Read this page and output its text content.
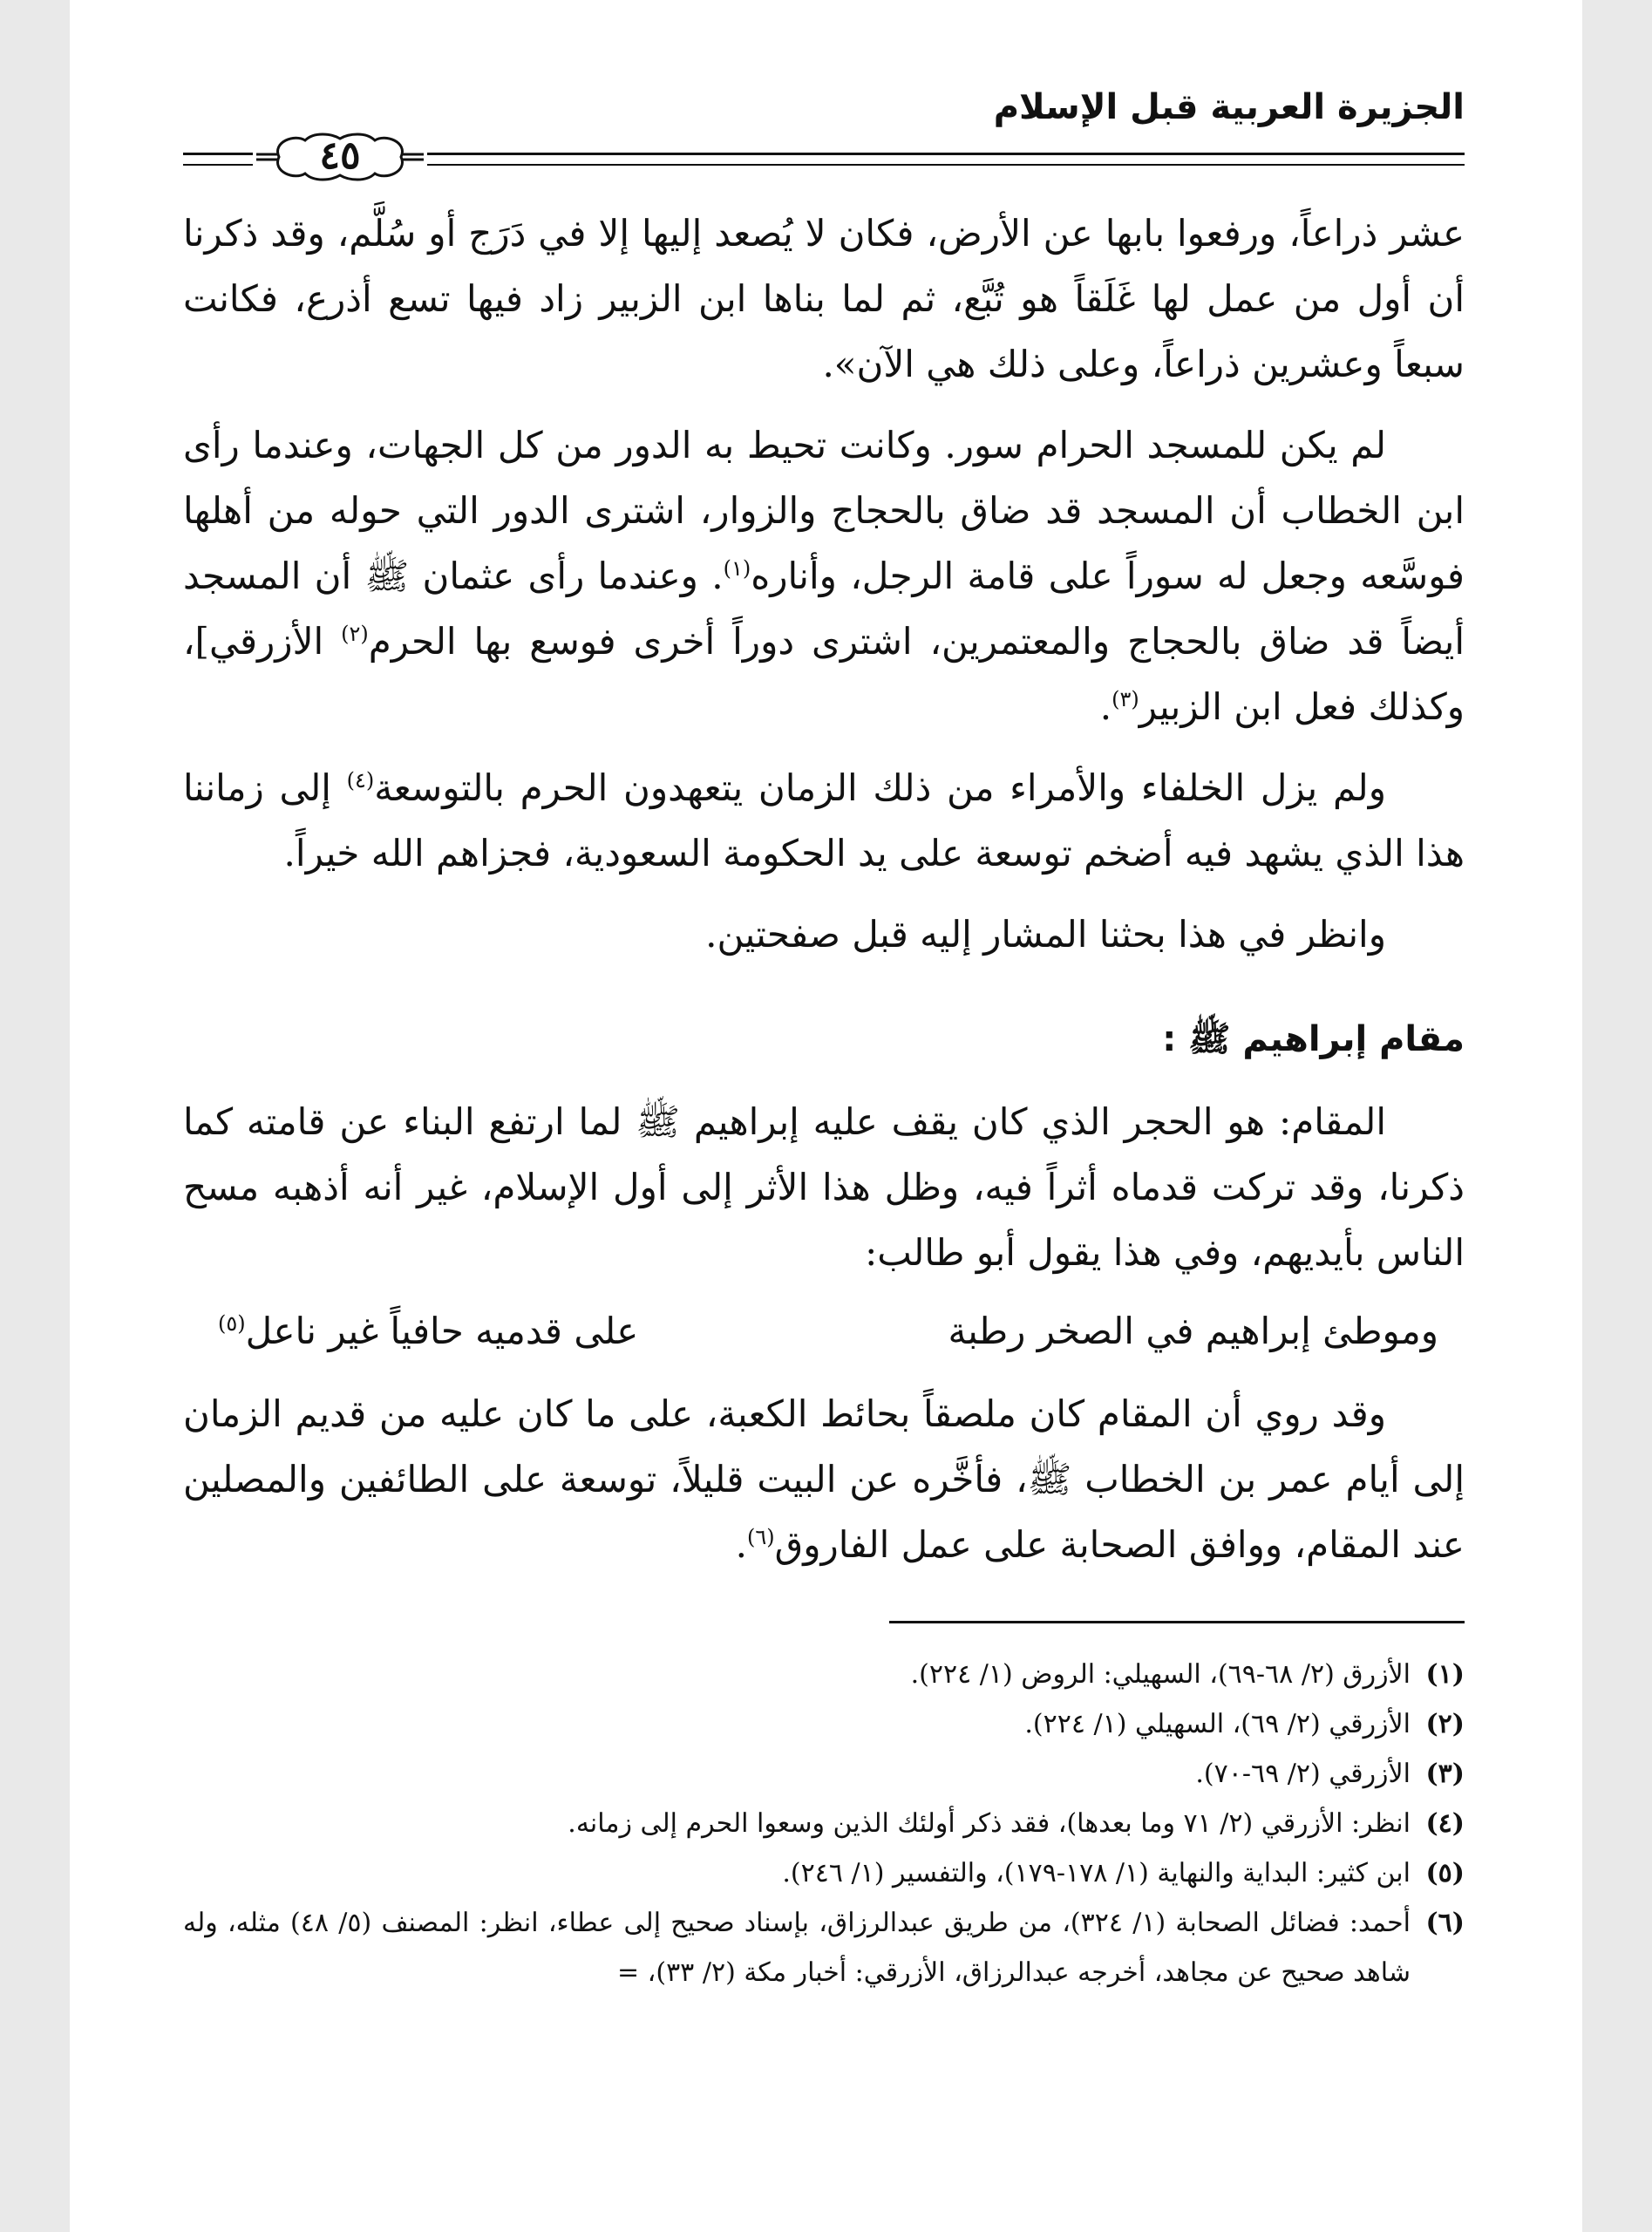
الجزيرة العربية قبل الإسلام
٤٥

عشر ذراعاً، ورفعوا بابها عن الأرض، فكان لا يُصعد إليها إلا في دَرَج أو سُلَّم، وقد ذكرنا أن أول من عمل لها غَلَقاً هو تُبَّع، ثم لما بناها ابن الزبير زاد فيها تسع أذرع، فكانت سبعاً وعشرين ذراعاً، وعلى ذلك هي الآن».

لم يكن للمسجد الحرام سور. وكانت تحيط به الدور من كل الجهات، وعندما رأى ابن الخطاب أن المسجد قد ضاق بالحجاج والزوار، اشترى الدور التي حوله من أهلها فوسَّعه وجعل له سوراً على قامة الرجل، وأناره$^{(١)}$. وعندما رأى عثمان ﷺ أن المسجد أيضاً قد ضاق بالحجاج والمعتمرين، اشترى دوراً أخرى فوسع بها الحرم$^{(٢)}$ الأزرقي]، وكذلك فعل ابن الزبير$^{(٣)}$.

ولم يزل الخلفاء والأمراء من ذلك الزمان يتعهدون الحرم بالتوسعة$^{(٤)}$ إلى زماننا هذا الذي يشهد فيه أضخم توسعة على يد الحكومة السعودية، فجزاهم الله خيراً.

وانظر في هذا بحثنا المشار إليه قبل صفحتين.

مقام إبراهيم ﷺ :

المقام: هو الحجر الذي كان يقف عليه إبراهيم ﷺ لما ارتفع البناء عن قامته كما ذكرنا، وقد تركت قدماه أثراً فيه، وظل هذا الأثر إلى أول الإسلام، غير أنه أذهبه مسح الناس بأيديهم، وفي هذا يقول أبو طالب:

وموطئ إبراهيم في الصخر رطبة
على قدميه حافياً غير ناعل$^{(٥)}$

وقد روي أن المقام كان ملصقاً بحائط الكعبة، على ما كان عليه من قديم الزمان إلى أيام عمر بن الخطاب ﷺ، فأخَّره عن البيت قليلاً، توسعة على الطائفين والمصلين عند المقام، ووافق الصحابة على عمل الفاروق$^{(٦)}$.

(١)
الأزرق (٢/ ٦٨-٦٩)، السهيلي: الروض (١/ ٢٢٤).
(٢)
الأزرقي (٢/ ٦٩)، السهيلي (١/ ٢٢٤).
(٣)
الأزرقي (٢/ ٦٩-٧٠).
(٤)
انظر: الأزرقي (٢/ ٧١ وما بعدها)، فقد ذكر أولئك الذين وسعوا الحرم إلى زمانه.
(٥)
ابن كثير: البداية والنهاية (١/ ١٧٨-١٧٩)، والتفسير (١/ ٢٤٦).
(٦)
أحمد: فضائل الصحابة (١/ ٣٢٤)، من طريق عبدالرزاق، بإسناد صحيح إلى عطاء، انظر: المصنف (٥/ ٤٨) مثله، وله شاهد صحيح عن مجاهد، أخرجه عبدالرزاق، الأزرقي: أخبار مكة (٢/ ٣٣)، =
